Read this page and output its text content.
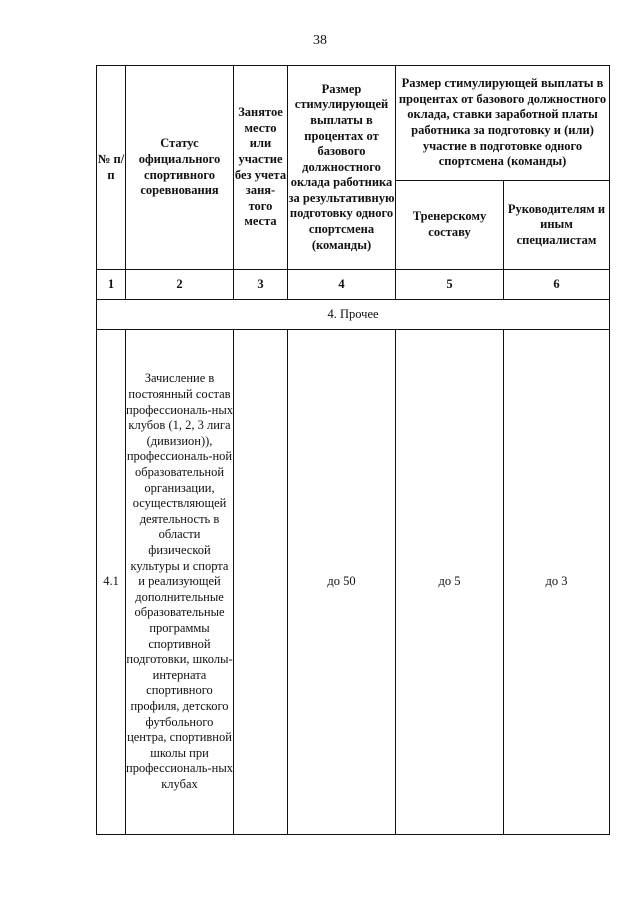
38
№ п/п	Статус официального спортивного соревнования	Занятое место или участие без учета заня-того места	Размер стимулирующей выплаты в процентах от базового должностного оклада работника за результативную подготовку одного спортсмена (команды)	Размер стимулирующей выплаты в процентах от базового должностного оклада, ставки заработной платы работника за подготовку и (или) участие в подготовке одного спортсмена (команды)	
				Тренерскому составу	Руководителям и иным специалистам
1	2	3	4	5	6
4. Прочее					
4.1	Зачисление в постоянный состав профессиональ-ных клубов (1, 2, 3 лига (дивизион)), профессиональ-ной образовательной организации, осуществляющей деятельность в области физической культуры и спорта и реализующей дополнительные образовательные программы спортивной подготовки, школы-интерната спортивного профиля, детского футбольного центра, спортивной школы при профессиональ-ных клубах		до 50	до 5	до 3
